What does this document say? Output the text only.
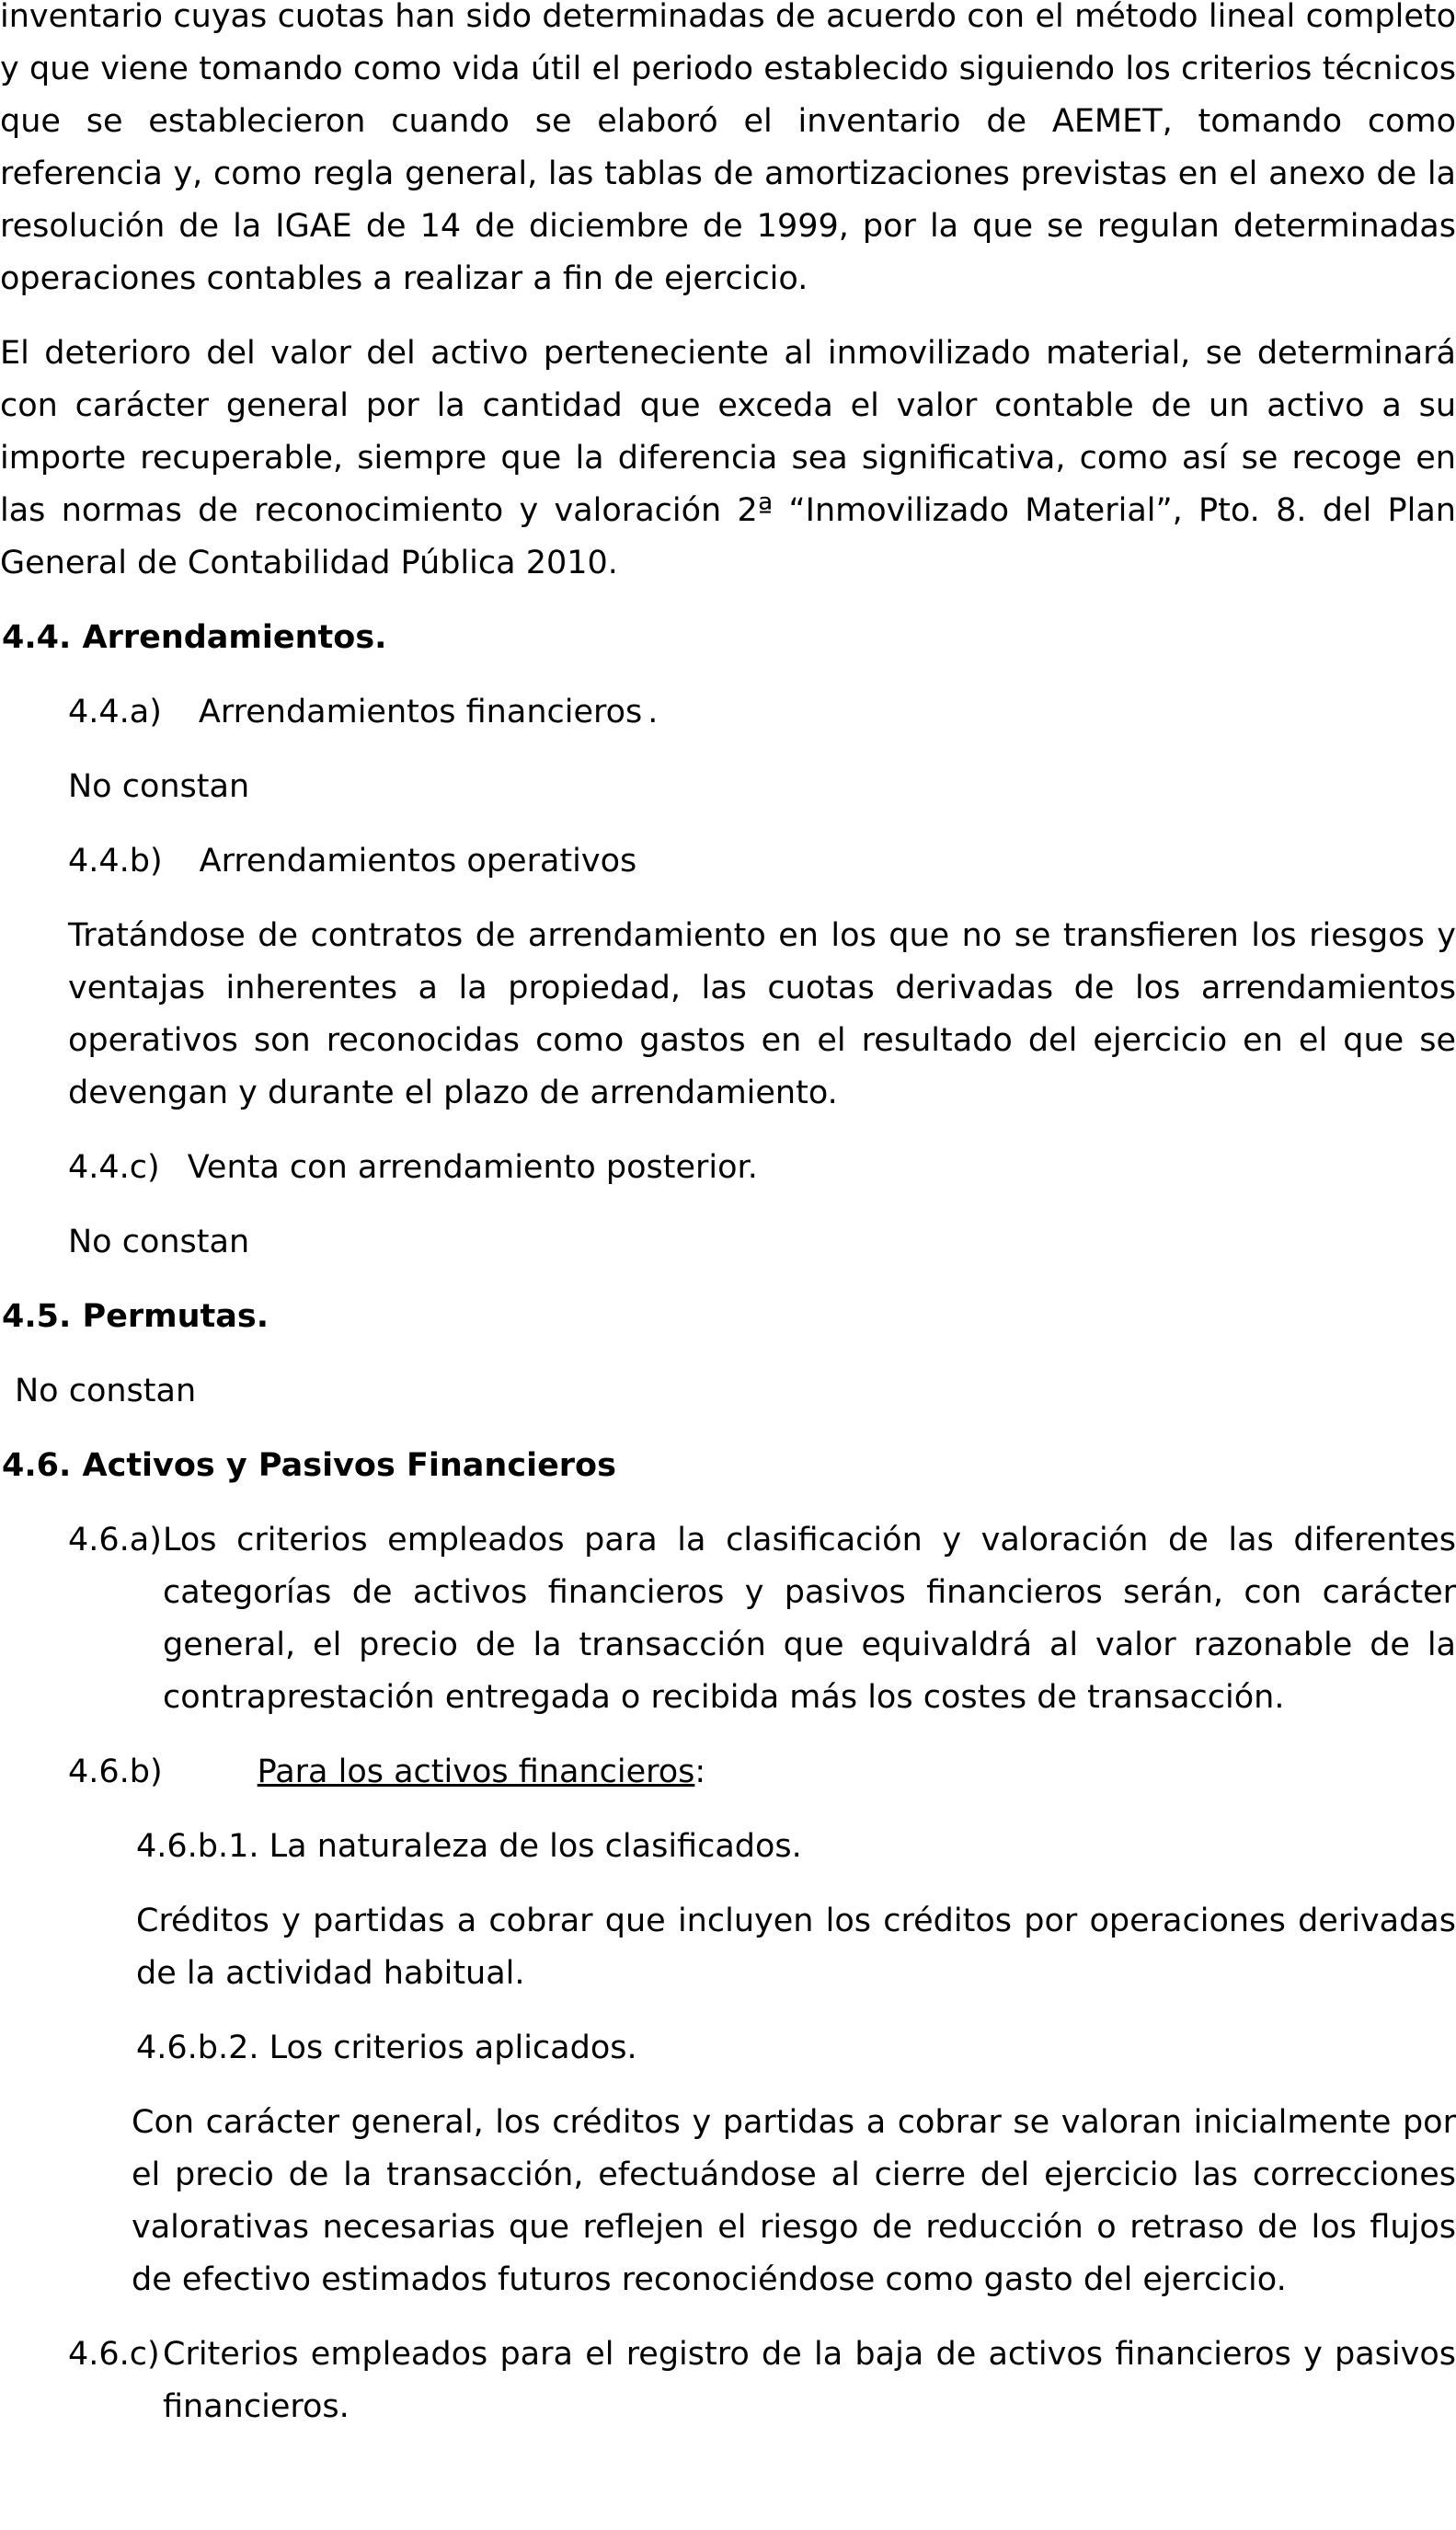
inventario cuyas cuotas han sido determinadas de acuerdo con el método lineal completo y que viene tomando como vida útil el periodo establecido siguiendo los criterios técnicos que se establecieron cuando se elaboró el inventario de AEMET, tomando como referencia y, como regla general, las tablas de amortizaciones previstas en el anexo de la resolución de la IGAE de 14 de diciembre de 1999, por la que se regulan determinadas operaciones contables a realizar a fin de ejercicio.

El deterioro del valor del activo perteneciente al inmovilizado material, se determinará con carácter general por la cantidad que exceda el valor contable de un activo a su importe recuperable, siempre que la diferencia sea significativa, como así se recoge en las normas de reconocimiento y valoración 2ª “Inmovilizado Material”, Pto. 8. del Plan General de Contabilidad Pública 2010.

4.4. Arrendamientos.
4.4.a) Arrendamientos financieros .

No constan

4.4.b) Arrendamientos operativos

Tratándose de contratos de arrendamiento en los que no se transfieren los riesgos y ventajas inherentes a la propiedad, las cuotas derivadas de los arrendamientos operativos son reconocidas como gastos en el resultado del ejercicio en el que se devengan y durante el plazo de arrendamiento.

4.4.c) Venta con arrendamiento posterior.

No constan

4.5. Permutas.

No constan

4.6. Activos y Pasivos Financieros
4.6.a) Los criterios empleados para la clasificación y valoración de las diferentes categorías de activos financieros y pasivos financieros serán, con carácter general, el precio de la transacción que equivaldrá al valor razonable de la contraprestación entregada o recibida más los costes de transacción.
4.6.b)	Para los activos financieros:
4.6.b.1. La naturaleza de los clasificados.

Créditos y partidas a cobrar que incluyen los créditos por operaciones derivadas de la actividad habitual.

4.6.b.2. Los criterios aplicados.

Con carácter general, los créditos y partidas a cobrar se valoran inicialmente por el precio de la transacción, efectuándose al cierre del ejercicio las correcciones valorativas necesarias que reflejen el riesgo de reducción o retraso de los flujos de efectivo estimados futuros reconociéndose como gasto del ejercicio.

4.6.c) Criterios empleados para el registro de la baja de activos financieros y pasivos financieros.
